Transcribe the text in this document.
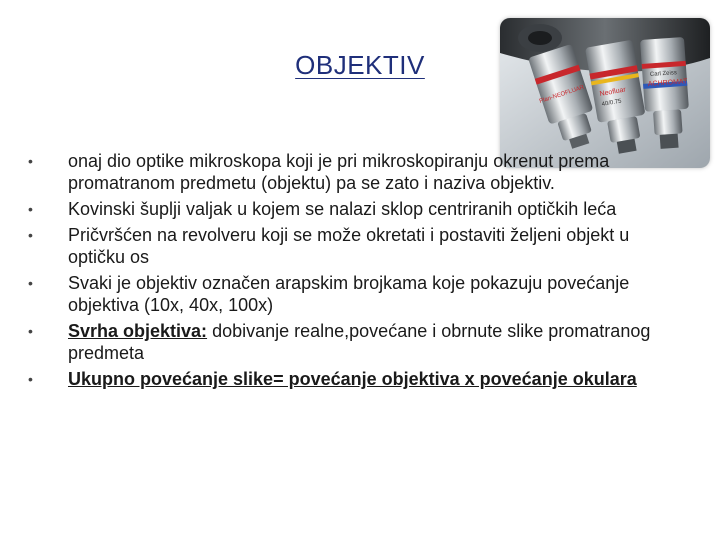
OBJEKTIV
Neofluar
ACHROMAT
Plan-NEOFLUAR	40/0.75
Carl Zeiss
• onaj dio optike mikroskopa koji je pri mikroskopiranju okrenut prema promatranom predmetu (objektu) pa se zato i naziva objektiv.
• Kovinski šuplji valjak u kojem se nalazi sklop centriranih optičkih leća
• Pričvršćen na revolveru koji se može okretati i postaviti željeni objekt u optičku os
• Svaki je objektiv označen arapskim brojkama koje pokazuju povećanje objektiva (10x, 40x, 100x)
• Svrha objektiva: dobivanje realne,povećane i obrnute slike promatranog predmeta
• Ukupno povećanje slike= povećanje objektiva x povećanje okulara
